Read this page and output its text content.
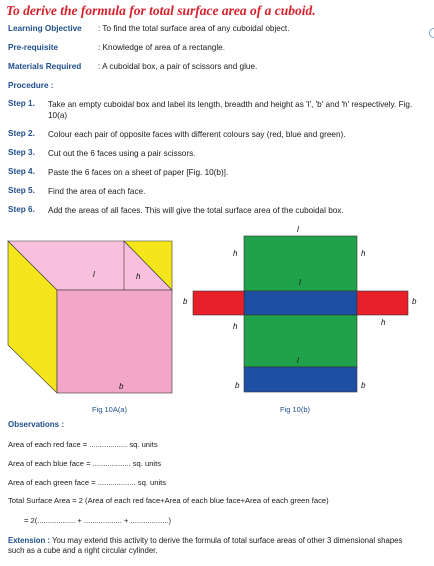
To derive the formula for total surface area of a cuboid.
Learning Objective : To find the total surface area of any cuboidal object.
Pre-requisite	: Knowledge of area of a rectangle.
Materials Required : A cuboidal box, a pair of scissors and glue.
Procedure :
Step 1. Take an empty cuboidal box and label its length, breadth and height as 'l', 'b' and 'h' respectively. Fig. 10(a)
Step 2. Colour each pair of opposite faces with different colours say (red, blue and green).
Step 3. Cut out the 6 faces using a pair scissors.
Step 4. Paste the 6 faces on a sheet of paper [Fig. 10(b)].
Step 5. Find the area of each face.
Step 6. Add the areas of all faces. This will give the total surface area of the cuboidal box.
l	h
b
l
h	h
l
b	b
h	h
l
b	b
Fig 10A(a)	Fig 10(b)
Observations :
Area of each red face = .................. sq. units
Area of each blue face = .................. sq. units
Area of each green face = .................. sq. units
Total Surface Area = 2 (Area of each red face+Area of each blue face+Area of each green face)
= 2(.................. + .................. + ..................)
Extension : You may extend this activity to derive the formula of total surface areas of other 3 dimensional shapes such as a cube and a right circular cylinder.
